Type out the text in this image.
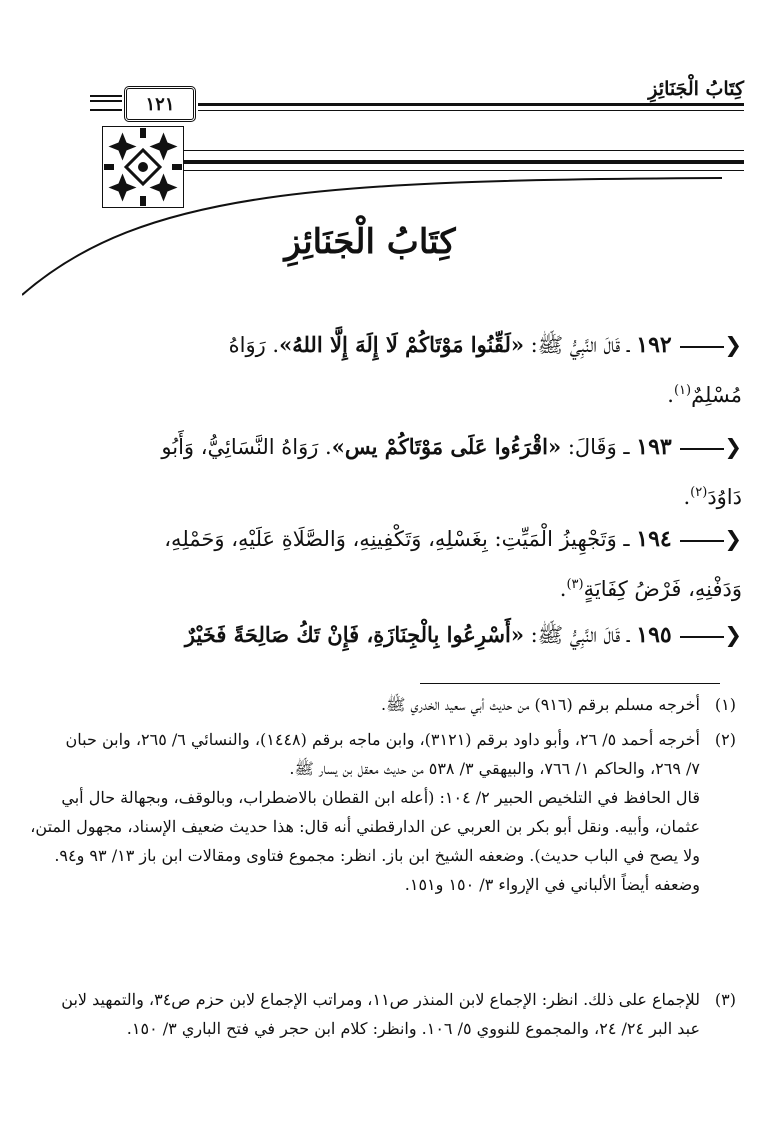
كِتَابُ الْجَنَائِزِ
١٢١
كِتَابُ الْجَنَائِزِ
❮ ١٩٢ ـ قَالَ النَّبِيُّ ﷺ: «لَقِّنُوا مَوْتَاكُمْ لَا إِلَهَ إِلَّا اللهُ». رَوَاهُ
مُسْلِمٌ$^{(١)}$.
❮ ١٩٣ ـ وَقَالَ: «اقْرَءُوا عَلَى مَوْتَاكُمْ يس». رَوَاهُ النَّسَائِيُّ، وَأَبُو
دَاوُدَ$^{(٢)}$.
❮ ١٩٤ ـ وَتَجْهِيزُ الْمَيِّتِ: بِغَسْلِهِ، وَتَكْفِينِهِ، وَالصَّلَاةِ عَلَيْهِ، وَحَمْلِهِ،
وَدَفْنِهِ، فَرْضُ كِفَايَةٍ$^{(٣)}$.
❮ ١٩٥ ـ قَالَ النَّبِيُّ ﷺ: «أَسْرِعُوا بِالْجِنَازَةِ، فَإِنْ تَكُ صَالِحَةً فَخَيْرٌ
(١)أخرجه مسلم برقم (٩١٦) من حديث أبي سعيد الخدري ﷺ.
(٢)أخرجه أحمد ٥/ ٢٦، وأبو داود برقم (٣١٢١)، وابن ماجه برقم (١٤٤٨)، والنسائي ٦/ ٢٦٥، وابن حبان ٧/ ٢٦٩، والحاكم ١/ ٧٦٦، والبيهقي ٣/ ٥٣٨ من حديث معقل بن يسار ﷺ.
قال الحافظ في التلخيص الحبير ٢/ ١٠٤: (أعله ابن القطان بالاضطراب، وبالوقف، وبجهالة حال أبي عثمان، وأبيه. ونقل أبو بكر بن العربي عن الدارقطني أنه قال: هذا حديث ضعيف الإسناد، مجهول المتن، ولا يصح في الباب حديث). وضعفه الشيخ ابن باز. انظر: مجموع فتاوى ومقالات ابن باز ١٣/ ٩٣ و٩٤. وضعفه أيضاً الألباني في الإرواء ٣/ ١٥٠ و١٥١.
(٣)للإجماع على ذلك. انظر: الإجماع لابن المنذر ص١١، ومراتب الإجماع لابن حزم ص٣٤، والتمهيد لابن عبد البر ٢٤/ ٢٤، والمجموع للنووي ٥/ ١٠٦. وانظر: كلام ابن حجر في فتح الباري ٣/ ١٥٠.
